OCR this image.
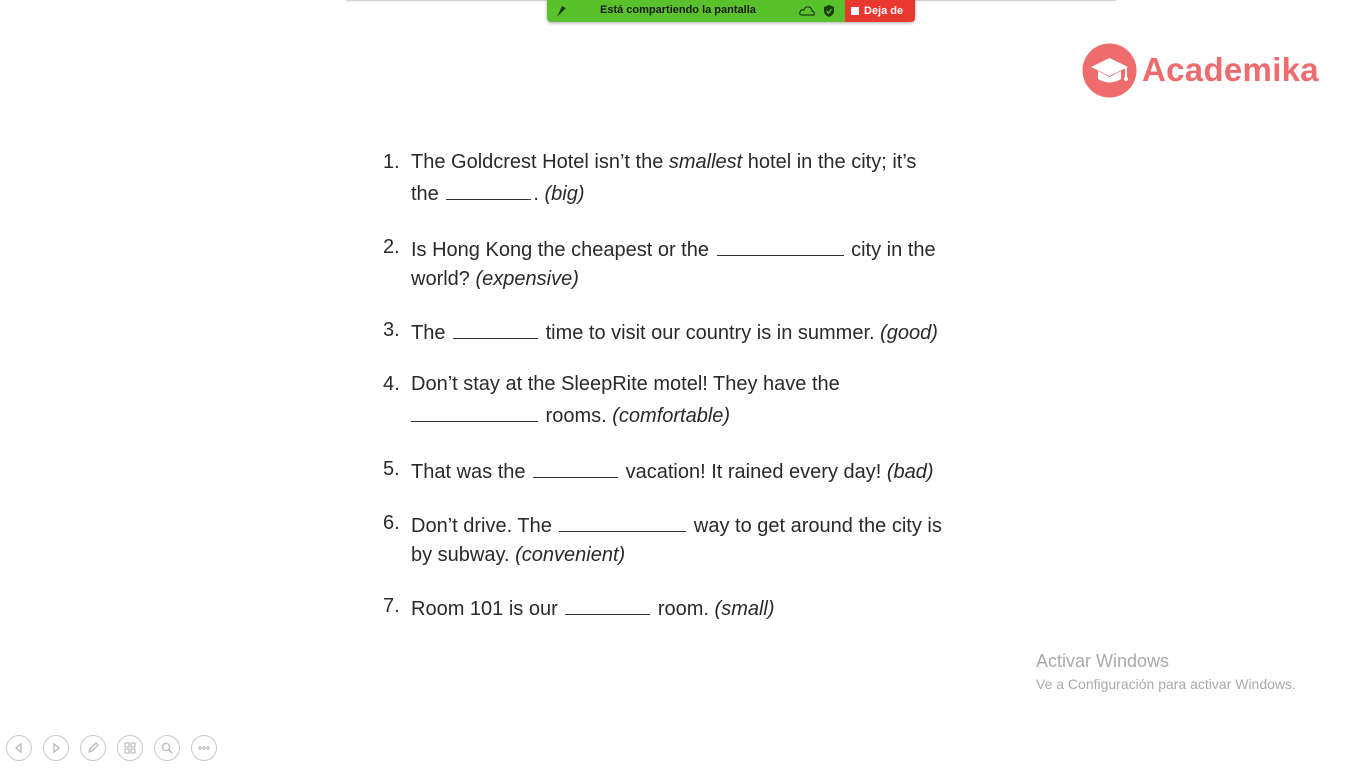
Está compartiendo la pantalla	Deja de
Academika
1. The Goldcrest Hotel isn’t the smallest hotel in the city; it’s
the	. (big)
2. Is Hong Kong the cheapest or the	city in the
world? (expensive)
3. The	time to visit our country is in summer. (good)
4. Don’t stay at the SleepRite motel! They have the
rooms. (comfortable)
5. That was the	vacation! It rained every day! (bad)
6. Don’t drive. The	way to get around the city is
by subway. (convenient)
7. Room 101 is our	room. (small)
Activar Windows
Ve a Configuración para activar Windows.
